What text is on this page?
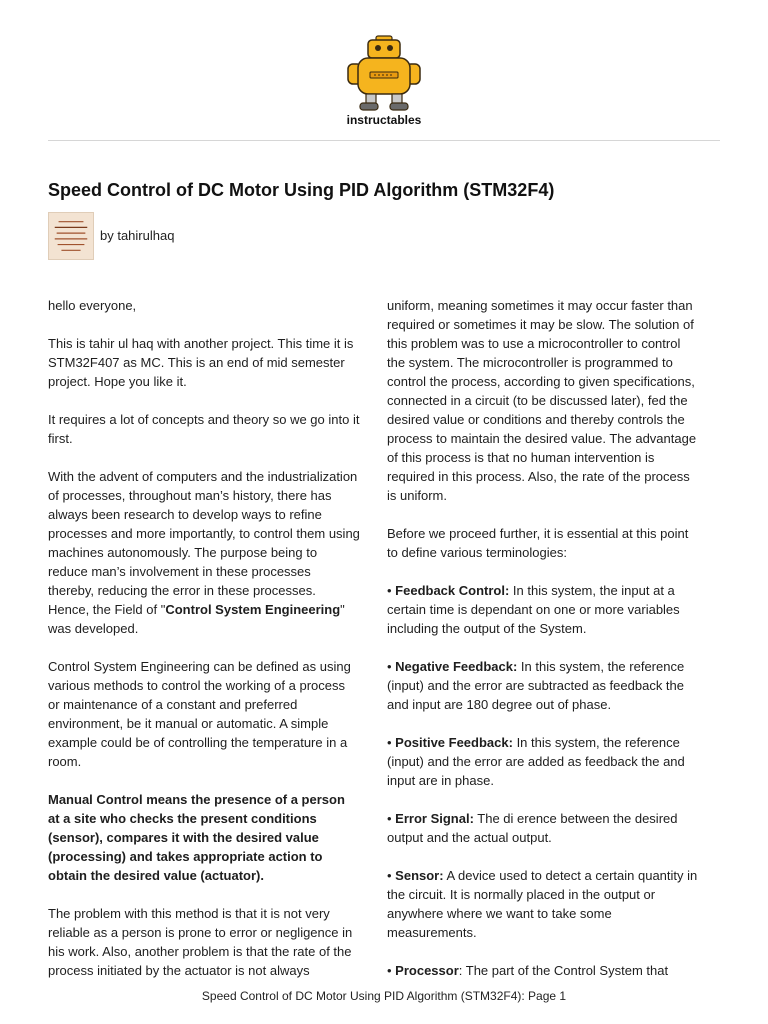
instructables
Speed Control of DC Motor Using PID Algorithm (STM32F4)
by tahirulhaq

hello everyone,

This is tahir ul haq with another project. This time it is STM32F407 as MC. This is an end of mid semester project. Hope you like it.

It requires a lot of concepts and theory so we go into it first.

With the advent of computers and the industrialization of processes, throughout man’s history, there has always been research to develop ways to refine processes and more importantly, to control them using machines autonomously. The purpose being to reduce man’s involvement in these processes thereby, reducing the error in these processes. Hence, the Field of "Control System Engineering" was developed.

Control System Engineering can be defined as using various methods to control the working of a process or maintenance of a constant and preferred environment, be it manual or automatic. A simple example could be of controlling the temperature in a room.

Manual Control means the presence of a person at a site who checks the present conditions (sensor), compares it with the desired value (processing) and takes appropriate action to obtain the desired value (actuator).

The problem with this method is that it is not very reliable as a person is prone to error or negligence in his work. Also, another problem is that the rate of the process initiated by the actuator is not always

uniform, meaning sometimes it may occur faster than required or sometimes it may be slow. The solution of this problem was to use a microcontroller to control the system. The microcontroller is programmed to control the process, according to given specifications, connected in a circuit (to be discussed later), fed the desired value or conditions and thereby controls the process to maintain the desired value. The advantage of this process is that no human intervention is required in this process. Also, the rate of the process is uniform.

Before we proceed further, it is essential at this point to define various terminologies:

• Feedback Control: In this system, the input at a certain time is dependant on one or more variables including the output of the System.

• Negative Feedback: In this system, the reference (input) and the error are subtracted as feedback the and input are 180 degree out of phase.

• Positive Feedback: In this system, the reference (input) and the error are added as feedback the and input are in phase.

• Error Signal: The di erence between the desired output and the actual output.

• Sensor: A device used to detect a certain quantity in the circuit. It is normally placed in the output or anywhere where we want to take some measurements.

• Processor: The part of the Control System that

Speed Control of DC Motor Using PID Algorithm (STM32F4): Page 1
